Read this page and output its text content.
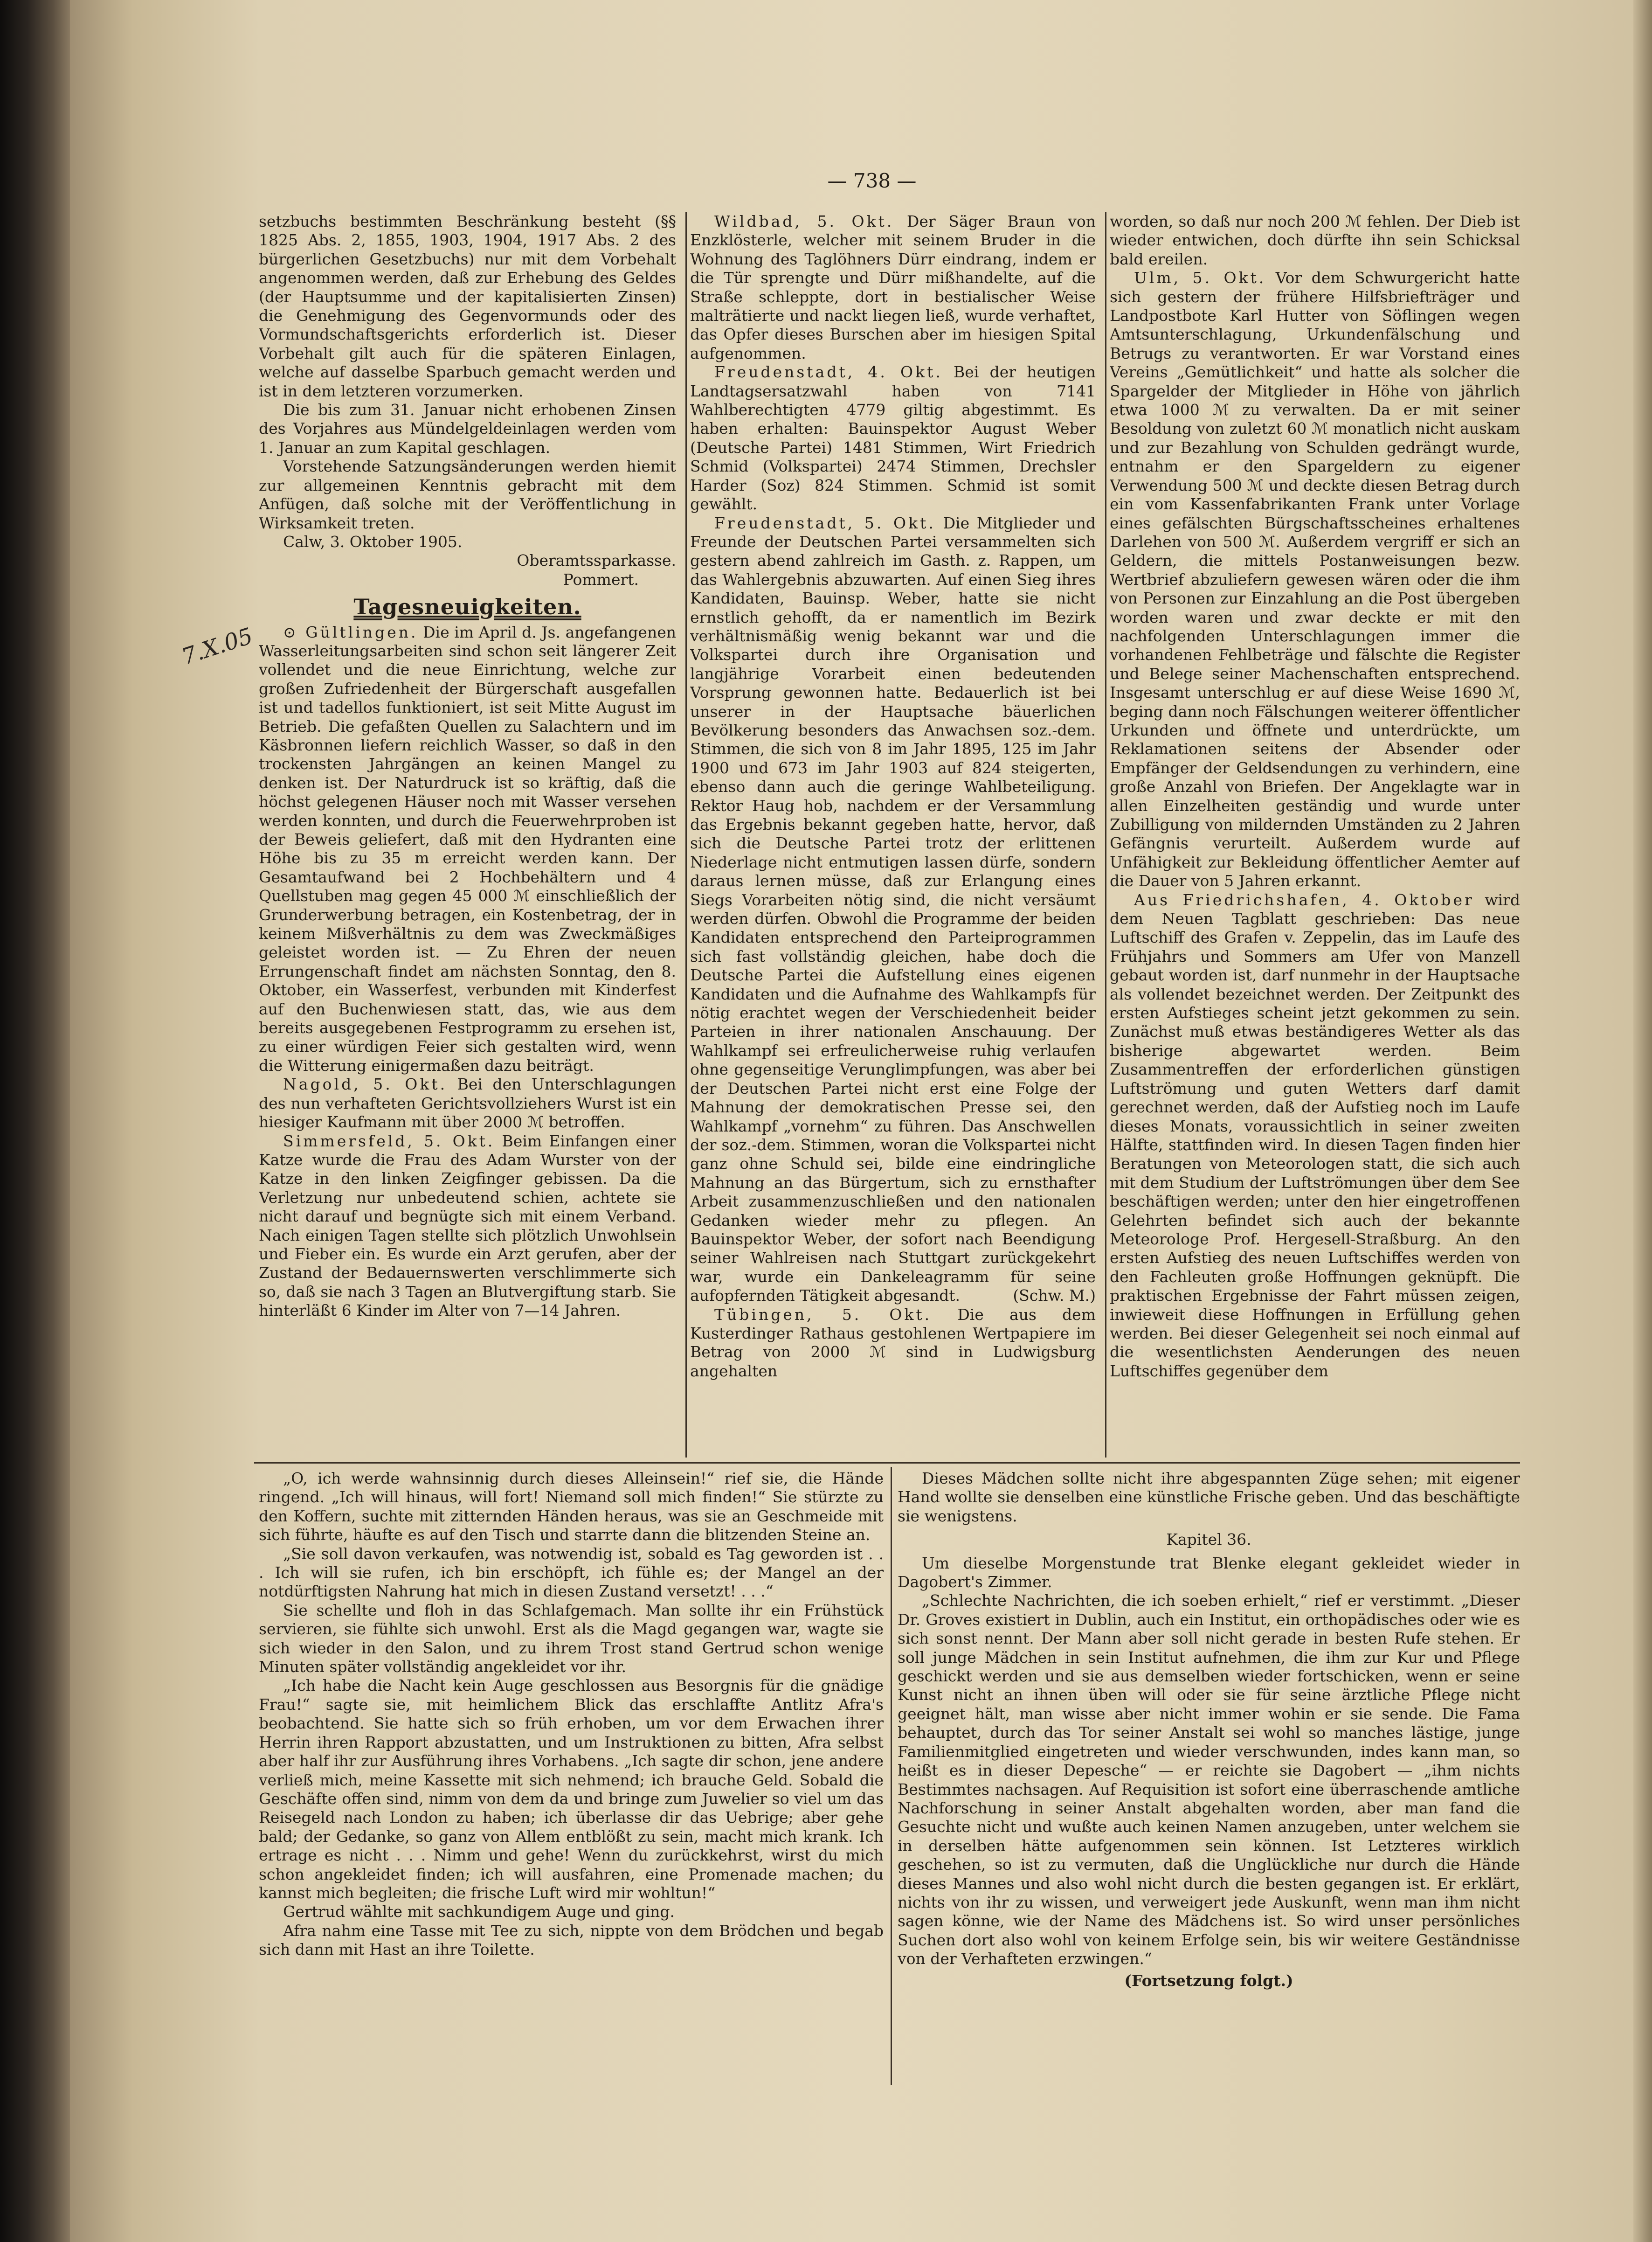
— 738 —
7.X.05

setzbuchs bestimmten Beschränkung besteht (§§ 1825 Abs. 2, 1855, 1903, 1904, 1917 Abs. 2 des bürgerlichen Gesetzbuchs) nur mit dem Vorbehalt angenommen werden, daß zur Erhebung des Geldes (der Hauptsumme und der kapitalisierten Zinsen) die Genehmigung des Gegenvormunds oder des Vormundschaftsgerichts erforderlich ist. Dieser Vorbehalt gilt auch für die späteren Einlagen, welche auf dasselbe Sparbuch gemacht werden und ist in dem letzteren vorzumerken.

Die bis zum 31. Januar nicht erhobenen Zinsen des Vorjahres aus Mündelgeldeinlagen werden vom 1. Januar an zum Kapital geschlagen.

Vorstehende Satzungsänderungen werden hiemit zur allgemeinen Kenntnis gebracht mit dem Anfügen, daß solche mit der Veröffentlichung in Wirksamkeit treten.

Calw, 3. Oktober 1905.

Oberamtssparkasse.

Pommert.

Tagesneuigkeiten.

⊙ Gültlingen. Die im April d. Js. angefangenen Wasserleitungsarbeiten sind schon seit längerer Zeit vollendet und die neue Einrichtung, welche zur großen Zufriedenheit der Bürgerschaft ausgefallen ist und tadellos funktioniert, ist seit Mitte August im Betrieb. Die gefaßten Quellen zu Salachtern und im Käsbronnen liefern reichlich Wasser, so daß in den trockensten Jahrgängen an keinen Mangel zu denken ist. Der Naturdruck ist so kräftig, daß die höchst gelegenen Häuser noch mit Wasser versehen werden konnten, und durch die Feuerwehrproben ist der Beweis geliefert, daß mit den Hydranten eine Höhe bis zu 35 m erreicht werden kann. Der Gesamtaufwand bei 2 Hochbehältern und 4 Quellstuben mag gegen 45 000 ℳ einschließlich der Grunderwerbung betragen, ein Kostenbetrag, der in keinem Mißverhältnis zu dem was Zweckmäßiges geleistet worden ist. — Zu Ehren der neuen Errungenschaft findet am nächsten Sonntag, den 8. Oktober, ein Wasserfest, verbunden mit Kinderfest auf den Buchenwiesen statt, das, wie aus dem bereits ausgegebenen Festprogramm zu ersehen ist, zu einer würdigen Feier sich gestalten wird, wenn die Witterung einigermaßen dazu beiträgt.

Nagold, 5. Okt. Bei den Unterschlagungen des nun verhafteten Gerichtsvollziehers Wurst ist ein hiesiger Kaufmann mit über 2000 ℳ betroffen.

Simmersfeld, 5. Okt. Beim Einfangen einer Katze wurde die Frau des Adam Wurster von der Katze in den linken Zeigfinger gebissen. Da die Verletzung nur unbedeutend schien, achtete sie nicht darauf und begnügte sich mit einem Verband. Nach einigen Tagen stellte sich plötzlich Unwohlsein und Fieber ein. Es wurde ein Arzt gerufen, aber der Zustand der Bedauernswerten verschlimmerte sich so, daß sie nach 3 Tagen an Blutvergiftung starb. Sie hinterläßt 6 Kinder im Alter von 7—14 Jahren.

Wildbad, 5. Okt. Der Säger Braun von Enzklösterle, welcher mit seinem Bruder in die Wohnung des Taglöhners Dürr eindrang, indem er die Tür sprengte und Dürr mißhandelte, auf die Straße schleppte, dort in bestialischer Weise malträtierte und nackt liegen ließ, wurde verhaftet, das Opfer dieses Burschen aber im hiesigen Spital aufgenommen.

Freudenstadt, 4. Okt. Bei der heutigen Landtagsersatzwahl haben von 7141 Wahlberechtigten 4779 giltig abgestimmt. Es haben erhalten: Bauinspektor August Weber (Deutsche Partei) 1481 Stimmen, Wirt Friedrich Schmid (Volkspartei) 2474 Stimmen, Drechsler Harder (Soz) 824 Stimmen. Schmid ist somit gewählt.

Freudenstadt, 5. Okt. Die Mitglieder und Freunde der Deutschen Partei versammelten sich gestern abend zahlreich im Gasth. z. Rappen, um das Wahlergebnis abzuwarten. Auf einen Sieg ihres Kandidaten, Bauinsp. Weber, hatte sie nicht ernstlich gehofft, da er namentlich im Bezirk verhältnismäßig wenig bekannt war und die Volkspartei durch ihre Organisation und langjährige Vorarbeit einen bedeutenden Vorsprung gewonnen hatte. Bedauerlich ist bei unserer in der Hauptsache bäuerlichen Bevölkerung besonders das Anwachsen soz.-dem. Stimmen, die sich von 8 im Jahr 1895, 125 im Jahr 1900 und 673 im Jahr 1903 auf 824 steigerten, ebenso dann auch die geringe Wahlbeteiligung. Rektor Haug hob, nachdem er der Versammlung das Ergebnis bekannt gegeben hatte, hervor, daß sich die Deutsche Partei trotz der erlittenen Niederlage nicht entmutigen lassen dürfe, sondern daraus lernen müsse, daß zur Erlangung eines Siegs Vorarbeiten nötig sind, die nicht versäumt werden dürfen. Obwohl die Programme der beiden Kandidaten entsprechend den Parteiprogrammen sich fast vollständig gleichen, habe doch die Deutsche Partei die Aufstellung eines eigenen Kandidaten und die Aufnahme des Wahlkampfs für nötig erachtet wegen der Verschiedenheit beider Parteien in ihrer nationalen Anschauung. Der Wahlkampf sei erfreulicherweise ruhig verlaufen ohne gegenseitige Verunglimpfungen, was aber bei der Deutschen Partei nicht erst eine Folge der Mahnung der demokratischen Presse sei, den Wahlkampf „vornehm“ zu führen. Das Anschwellen der soz.-dem. Stimmen, woran die Volkspartei nicht ganz ohne Schuld sei, bilde eine eindringliche Mahnung an das Bürgertum, sich zu ernsthafter Arbeit zusammenzuschließen und den nationalen Gedanken wieder mehr zu pflegen. An Bauinspektor Weber, der sofort nach Beendigung seiner Wahlreisen nach Stuttgart zurückgekehrt war, wurde ein Dankeleagramm für seine aufopfernden Tätigkeit abgesandt.	(Schw. M.)

Tübingen, 5. Okt. Die aus dem Kusterdinger Rathaus gestohlenen Wertpapiere im Betrag von 2000 ℳ sind in Ludwigsburg angehalten

worden, so daß nur noch 200 ℳ fehlen. Der Dieb ist wieder entwichen, doch dürfte ihn sein Schicksal bald ereilen.

Ulm, 5. Okt. Vor dem Schwurgericht hatte sich gestern der frühere Hilfsbriefträger und Landpostbote Karl Hutter von Söflingen wegen Amtsunterschlagung, Urkundenfälschung und Betrugs zu verantworten. Er war Vorstand eines Vereins „Gemütlichkeit“ und hatte als solcher die Spargelder der Mitglieder in Höhe von jährlich etwa 1000 ℳ zu verwalten. Da er mit seiner Besoldung von zuletzt 60 ℳ monatlich nicht auskam und zur Bezahlung von Schulden gedrängt wurde, entnahm er den Spargeldern zu eigener Verwendung 500 ℳ und deckte diesen Betrag durch ein vom Kassenfabrikanten Frank unter Vorlage eines gefälschten Bürgschaftsscheines erhaltenes Darlehen von 500 ℳ. Außerdem vergriff er sich an Geldern, die mittels Postanweisungen bezw. Wertbrief abzuliefern gewesen wären oder die ihm von Personen zur Einzahlung an die Post übergeben worden waren und zwar deckte er mit den nachfolgenden Unterschlagungen immer die vorhandenen Fehlbeträge und fälschte die Register und Belege seiner Machenschaften entsprechend. Insgesamt unterschlug er auf diese Weise 1690 ℳ, beging dann noch Fälschungen weiterer öffentlicher Urkunden und öffnete und unterdrückte, um Reklamationen seitens der Absender oder Empfänger der Geldsendungen zu verhindern, eine große Anzahl von Briefen. Der Angeklagte war in allen Einzelheiten geständig und wurde unter Zubilligung von mildernden Umständen zu 2 Jahren Gefängnis verurteilt. Außerdem wurde auf Unfähigkeit zur Bekleidung öffentlicher Aemter auf die Dauer von 5 Jahren erkannt.

Aus Friedrichshafen, 4. Oktober wird dem Neuen Tagblatt geschrieben: Das neue Luftschiff des Grafen v. Zeppelin, das im Laufe des Frühjahrs und Sommers am Ufer von Manzell gebaut worden ist, darf nunmehr in der Hauptsache als vollendet bezeichnet werden. Der Zeitpunkt des ersten Aufstieges scheint jetzt gekommen zu sein. Zunächst muß etwas beständigeres Wetter als das bisherige abgewartet werden. Beim Zusammentreffen der erforderlichen günstigen Luftströmung und guten Wetters darf damit gerechnet werden, daß der Aufstieg noch im Laufe dieses Monats, voraussichtlich in seiner zweiten Hälfte, stattfinden wird. In diesen Tagen finden hier Beratungen von Meteorologen statt, die sich auch mit dem Studium der Luftströmungen über dem See beschäftigen werden; unter den hier eingetroffenen Gelehrten befindet sich auch der bekannte Meteorologe Prof. Hergesell-Straßburg. An den ersten Aufstieg des neuen Luftschiffes werden von den Fachleuten große Hoffnungen geknüpft. Die praktischen Ergebnisse der Fahrt müssen zeigen, inwieweit diese Hoffnungen in Erfüllung gehen werden. Bei dieser Gelegenheit sei noch einmal auf die wesentlichsten Aenderungen des neuen Luftschiffes gegenüber dem

„O, ich werde wahnsinnig durch dieses Alleinsein!“ rief sie, die Hände ringend. „Ich will hinaus, will fort! Niemand soll mich finden!“ Sie stürzte zu den Koffern, suchte mit zitternden Händen heraus, was sie an Geschmeide mit sich führte, häufte es auf den Tisch und starrte dann die blitzenden Steine an.

„Sie soll davon verkaufen, was notwendig ist, sobald es Tag geworden ist . . . Ich will sie rufen, ich bin erschöpft, ich fühle es; der Mangel an der notdürftigsten Nahrung hat mich in diesen Zustand versetzt! . . .“

Sie schellte und floh in das Schlafgemach. Man sollte ihr ein Frühstück servieren, sie fühlte sich unwohl. Erst als die Magd gegangen war, wagte sie sich wieder in den Salon, und zu ihrem Trost stand Gertrud schon wenige Minuten später vollständig angekleidet vor ihr.

„Ich habe die Nacht kein Auge geschlossen aus Besorgnis für die gnädige Frau!“ sagte sie, mit heimlichem Blick das erschlaffte Antlitz Afra's beobachtend. Sie hatte sich so früh erhoben, um vor dem Erwachen ihrer Herrin ihren Rapport abzustatten, und um Instruktionen zu bitten, Afra selbst aber half ihr zur Ausführung ihres Vorhabens. „Ich sagte dir schon, jene andere verließ mich, meine Kassette mit sich nehmend; ich brauche Geld. Sobald die Geschäfte offen sind, nimm von dem da und bringe zum Juwelier so viel um das Reisegeld nach London zu haben; ich überlasse dir das Uebrige; aber gehe bald; der Gedanke, so ganz von Allem entblößt zu sein, macht mich krank. Ich ertrage es nicht . . . Nimm und gehe! Wenn du zurückkehrst, wirst du mich schon angekleidet finden; ich will ausfahren, eine Promenade machen; du kannst mich begleiten; die frische Luft wird mir wohltun!“

Gertrud wählte mit sachkundigem Auge und ging.

Afra nahm eine Tasse mit Tee zu sich, nippte von dem Brödchen und begab sich dann mit Hast an ihre Toilette.

Dieses Mädchen sollte nicht ihre abgespannten Züge sehen; mit eigener Hand wollte sie denselben eine künstliche Frische geben. Und das beschäftigte sie wenigstens.

Kapitel 36.

Um dieselbe Morgenstunde trat Blenke elegant gekleidet wieder in Dagobert's Zimmer.

„Schlechte Nachrichten, die ich soeben erhielt,“ rief er verstimmt. „Dieser Dr. Groves existiert in Dublin, auch ein Institut, ein orthopädisches oder wie es sich sonst nennt. Der Mann aber soll nicht gerade in besten Rufe stehen. Er soll junge Mädchen in sein Institut aufnehmen, die ihm zur Kur und Pflege geschickt werden und sie aus demselben wieder fortschicken, wenn er seine Kunst nicht an ihnen üben will oder sie für seine ärztliche Pflege nicht geeignet hält, man wisse aber nicht immer wohin er sie sende. Die Fama behauptet, durch das Tor seiner Anstalt sei wohl so manches lästige, junge Familienmitglied eingetreten und wieder verschwunden, indes kann man, so heißt es in dieser Depesche“ — er reichte sie Dagobert — „ihm nichts Bestimmtes nachsagen. Auf Requisition ist sofort eine überraschende amtliche Nachforschung in seiner Anstalt abgehalten worden, aber man fand die Gesuchte nicht und wußte auch keinen Namen anzugeben, unter welchem sie in derselben hätte aufgenommen sein können. Ist Letzteres wirklich geschehen, so ist zu vermuten, daß die Unglückliche nur durch die Hände dieses Mannes und also wohl nicht durch die besten gegangen ist. Er erklärt, nichts von ihr zu wissen, und verweigert jede Auskunft, wenn man ihm nicht sagen könne, wie der Name des Mädchens ist. So wird unser persönliches Suchen dort also wohl von keinem Erfolge sein, bis wir weitere Geständnisse von der Verhafteten erzwingen.“

(Fortsetzung folgt.)
